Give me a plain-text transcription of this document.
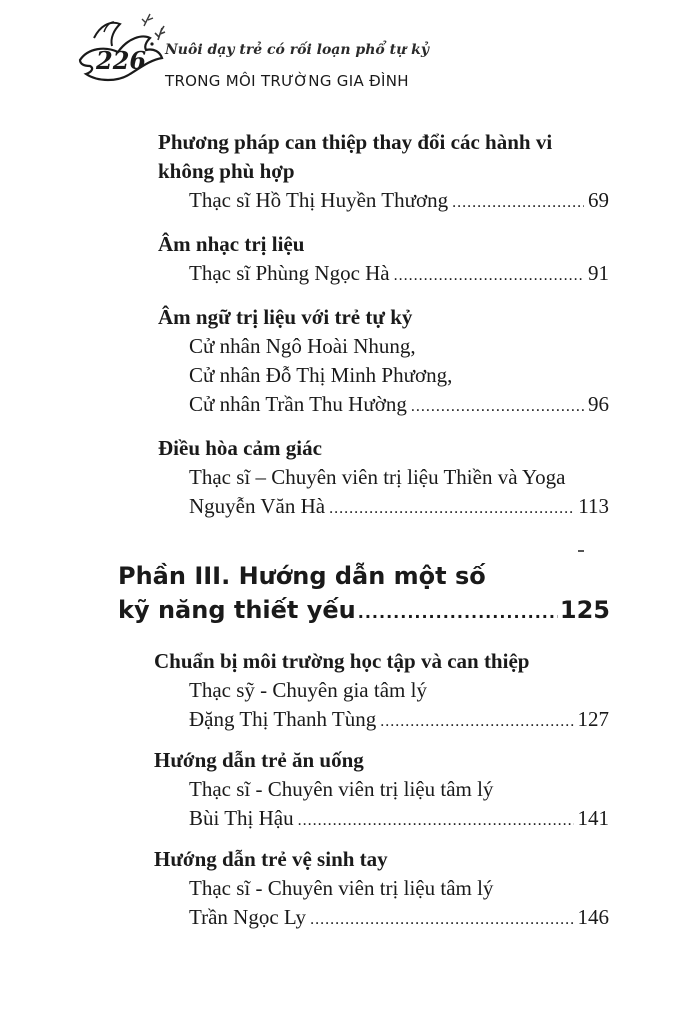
226 Nuôi dạy trẻ có rối loạn phổ tự kỷ
TRONG MÔI TRƯỜNG GIA ĐÌNH
Phương pháp can thiệp thay đổi các hành vi
không phù hợp
Thạc sĩ Hồ Thị Huyền Thương .....	69
Âm nhạc trị liệu
Thạc sĩ Phùng Ngọc Hà .....	91
Âm ngữ trị liệu với trẻ tự kỷ
Cử nhân Ngô Hoài Nhung,
Cử nhân Đỗ Thị Minh Phương,
Cử nhân Trần Thu Hường .....	96
Điều hòa cảm giác
Thạc sĩ – Chuyên viên trị liệu Thiền và Yoga
Nguyễn Văn Hà .....	113
Phần III. Hướng dẫn một số
kỹ năng thiết yếu .....	125
Chuẩn bị môi trường học tập và can thiệp
Thạc sỹ - Chuyên gia tâm lý
Đặng Thị Thanh Tùng .....	127
Hướng dẫn trẻ ăn uống
Thạc sĩ - Chuyên viên trị liệu tâm lý
Bùi Thị Hậu .....	141
Hướng dẫn trẻ vệ sinh tay
Thạc sĩ - Chuyên viên trị liệu tâm lý
Trần Ngọc Ly .....	146
